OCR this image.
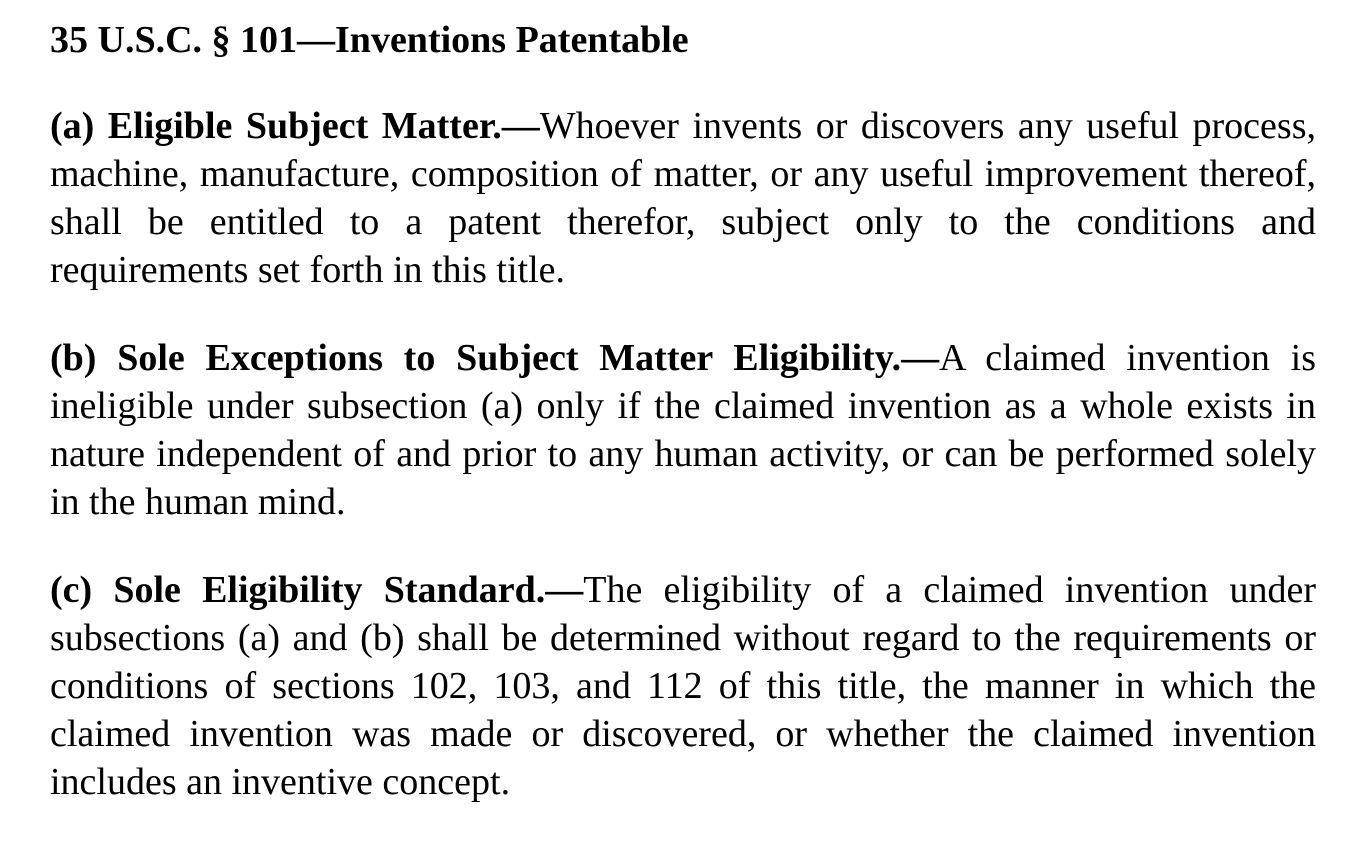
35 U.S.C. § 101—Inventions Patentable

(a) Eligible Subject Matter.—Whoever invents or discovers any useful process, machine, manufacture, composition of matter, or any useful improvement thereof, shall be entitled to a patent therefor, subject only to the conditions and requirements set forth in this title.

(b) Sole Exceptions to Subject Matter Eligibility.—A claimed invention is ineligible under subsection (a) only if the claimed invention as a whole exists in nature independent of and prior to any human activity, or can be performed solely in the human mind.

(c) Sole Eligibility Standard.—The eligibility of a claimed invention under subsections (a) and (b) shall be determined without regard to the requirements or conditions of sections 102, 103, and 112 of this title, the manner in which the claimed invention was made or discovered, or whether the claimed invention includes an inventive concept.
